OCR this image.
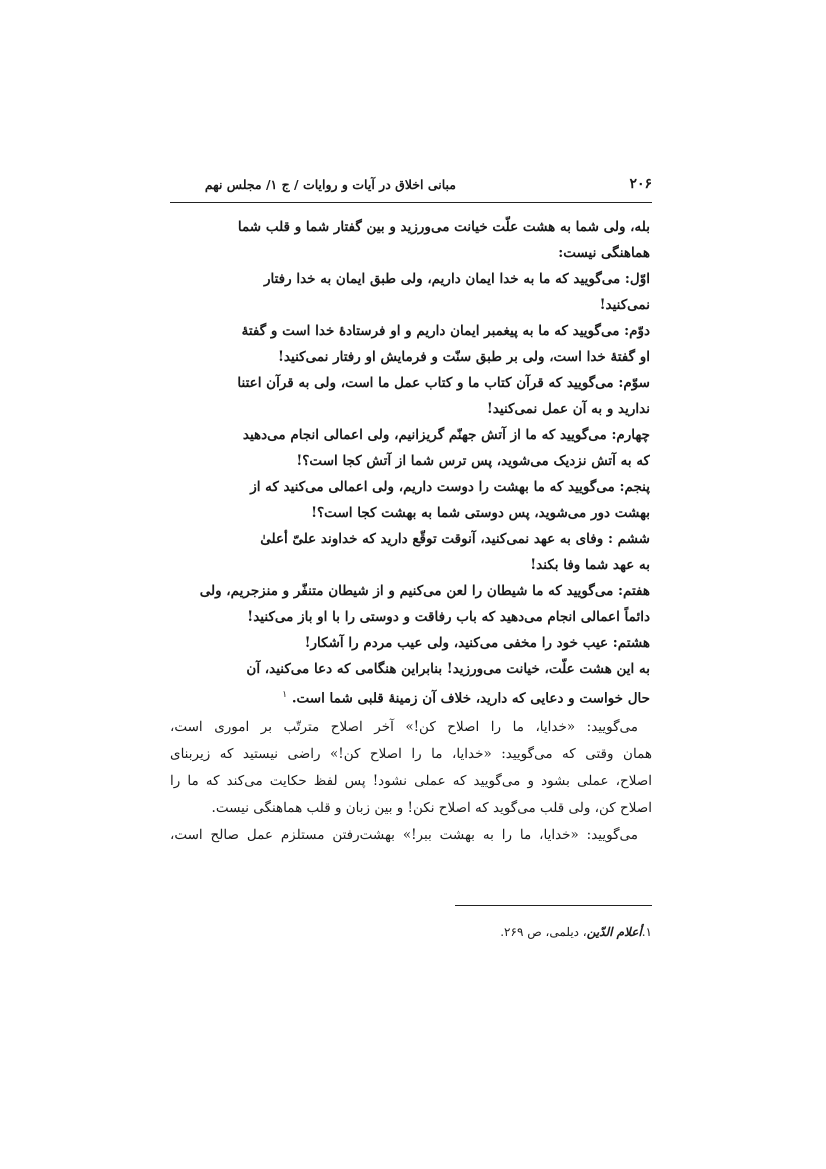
۲۰۶
مبانی اخلاق در آیات و روایات / ج ۱/ مجلس نهم
بله، ولی شما به هشت علّت خیانت می‌ورزید و بین گفتار شما و قلب شما
هماهنگی نیست:
اوّل: می‌گویید که ما به خدا ایمان داریم، ولی طبق ایمان به خدا رفتار
نمی‌کنید!
دوّم: می‌گویید که ما به پیغمبر ایمان داریم و او فرستادهٔ خدا است و گفتهٔ
او گفتهٔ خدا است، ولی بر طبق سنّت و فرمایش او رفتار نمی‌کنید!
سوّم: می‌گویید که قرآن کتاب ما و کتاب عمل ما است، ولی به قرآن اعتنا
ندارید و به آن عمل نمی‌کنید!
چهارم: می‌گویید که ما از آتش جهنّم گریزانیم، ولی اعمالی انجام می‌دهید
که به آتش نزدیک می‌شوید، پس ترس شما از آتش کجا است؟!
پنجم: می‌گویید که ما بهشت را دوست داریم، ولی اعمالی می‌کنید که از
بهشت دور می‌شوید، پس دوستی شما به بهشت کجا است؟!
ششم : وفای به عهد نمی‌کنید، آنوقت توقّع دارید که خداوند علیّ أعلیٰ
به عهد شما وفا بکند!
هفتم: می‌گویید که ما شیطان را لعن می‌کنیم و از شیطان متنفّر و منزجریم، ولی
دائماً اعمالی انجام می‌دهید که باب رفاقت و دوستی را با او باز می‌کنید!
هشتم: عیب خود را مخفی می‌کنید، ولی عیب مردم را آشکار!
به این هشت علّت، خیانت می‌ورزید! بنابراین هنگامی که دعا می‌کنید، آن
حال خواست و دعایی که دارید، خلاف آن زمینهٔ قلبی شما است. $^۱$
می‌گویید: «خدایا، ما را اصلاح کن!» آخر اصلاح مترتّب بر اموری است،
همان وقتی که می‌گویید: «خدایا، ما را اصلاح کن!» راضی نیستید که زیربنای
اصلاح، عملی بشود و می‌گویید که عملی نشود! پس لفظ حکایت می‌کند که ما را
اصلاح کن، ولی قلب می‌گوید که اصلاح نکن! و بین زبان و قلب هماهنگی نیست.
می‌گویید: «خدایا، ما را به بهشت ببر!» بهشت‌رفتن مستلزم عمل صالح است،
۱.أعلام الدّین، دیلمی، ص ۲۶۹.
